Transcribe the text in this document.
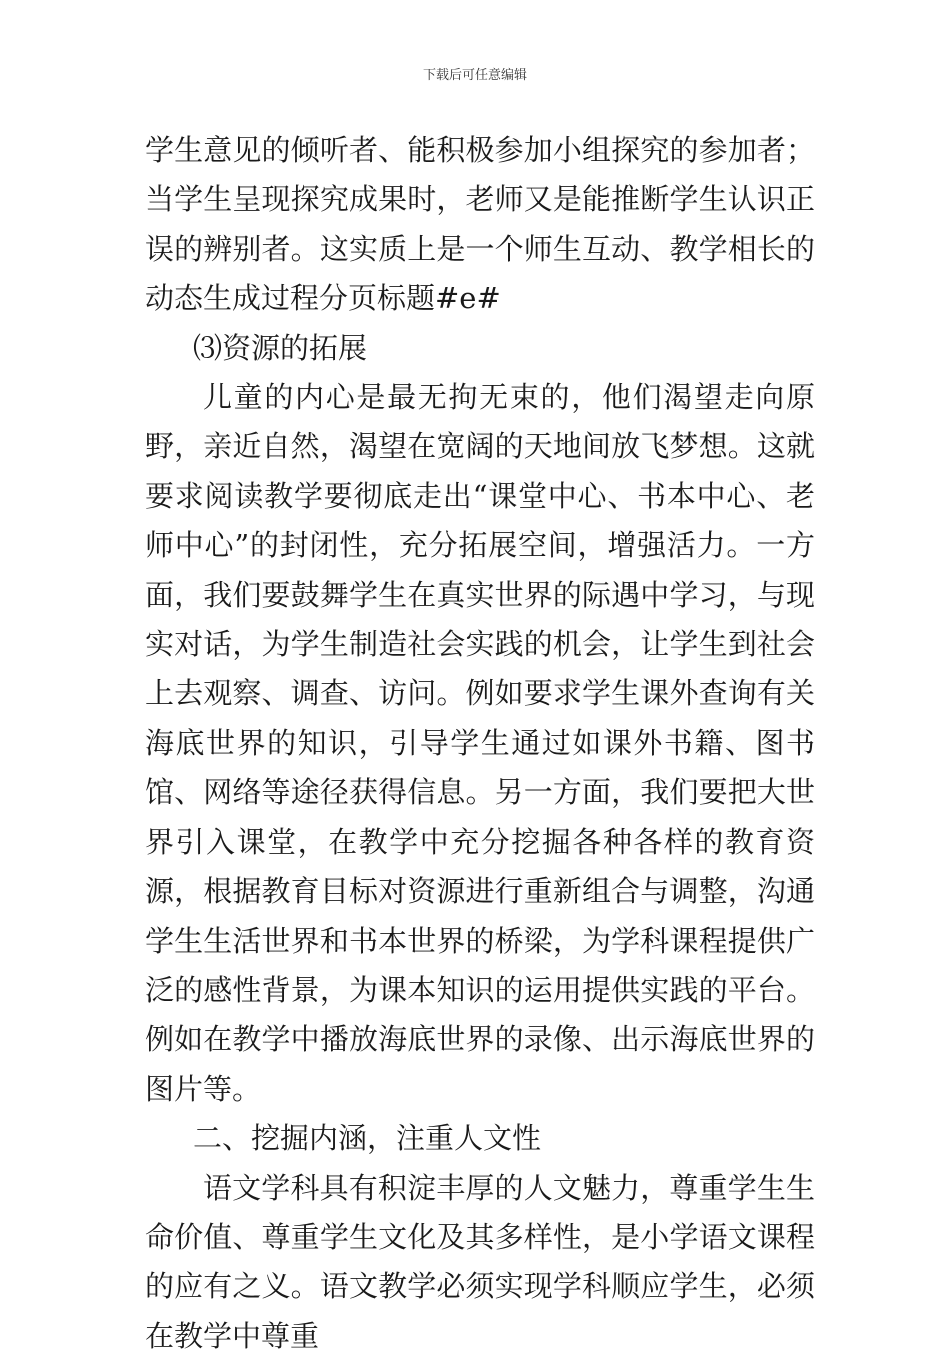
下载后可任意编辑

学生意见的倾听者、能积极参加小组探究的参加者；当学生呈现探究成果时，老师又是能推断学生认识正误的辨别者。这实质上是一个师生互动、教学相长的动态生成过程分页标题#e#

⑶资源的拓展

儿童的内心是最无拘无束的，他们渴望走向原野，亲近自然，渴望在宽阔的天地间放飞梦想。这就要求阅读教学要彻底走出“课堂中心、书本中心、老师中心”的封闭性，充分拓展空间，增强活力。一方面，我们要鼓舞学生在真实世界的际遇中学习，与现实对话，为学生制造社会实践的机会，让学生到社会上去观察、调查、访问。例如要求学生课外查询有关海底世界的知识，引导学生通过如课外书籍、图书馆、网络等途径获得信息。另一方面，我们要把大世界引入课堂，在教学中充分挖掘各种各样的教育资源，根据教育目标对资源进行重新组合与调整，沟通学生生活世界和书本世界的桥梁，为学科课程提供广泛的感性背景，为课本知识的运用提供实践的平台。例如在教学中播放海底世界的录像、出示海底世界的图片等。

二、挖掘内涵，注重人文性

语文学科具有积淀丰厚的人文魅力，尊重学生生命价值、尊重学生文化及其多样性，是小学语文课程的应有之义。语文教学必须实现学科顺应学生，必须在教学中尊重
